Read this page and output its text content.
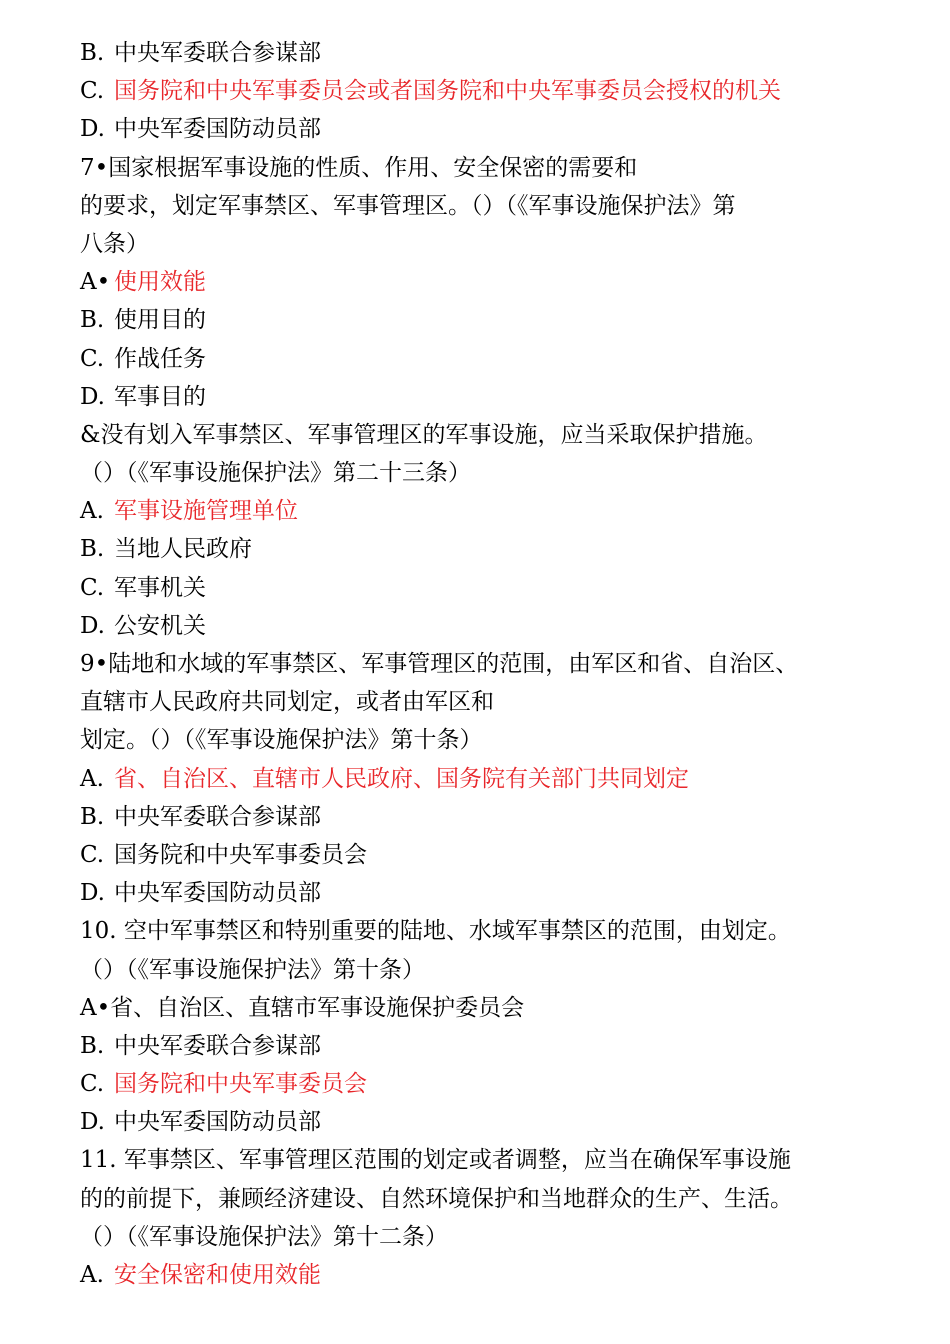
B. 中央军委联合参谋部
C. 国务院和中央军事委员会或者国务院和中央军事委员会授权的机关
D. 中央军委国防动员部
7•国家根据军事设施的性质、作用、安全保密的需要和
的要求，划定军事禁区、军事管理区。（）（《军事设施保护法》第
八条）
A• 使用效能
B. 使用目的
C. 作战任务
D. 军事目的
&没有划入军事禁区、军事管理区的军事设施，应当采取保护措施。
（）（《军事设施保护法》第二十三条）
A. 军事设施管理单位
B. 当地人民政府
C. 军事机关
D. 公安机关
9•陆地和水域的军事禁区、军事管理区的范围，由军区和省、自治区、
直辖市人民政府共同划定，或者由军区和
划定。（）（《军事设施保护法》第十条）
A. 省、自治区、直辖市人民政府、国务院有关部门共同划定
B. 中央军委联合参谋部
C. 国务院和中央军事委员会
D. 中央军委国防动员部
10. 空中军事禁区和特别重要的陆地、水域军事禁区的范围，由划定。
（）（《军事设施保护法》第十条）
A•省、自治区、直辖市军事设施保护委员会
B. 中央军委联合参谋部
C. 国务院和中央军事委员会
D. 中央军委国防动员部
11. 军事禁区、军事管理区范围的划定或者调整，应当在确保军事设施
的的前提下，兼顾经济建设、自然环境保护和当地群众的生产、生活。
（）（《军事设施保护法》第十二条）
A. 安全保密和使用效能
